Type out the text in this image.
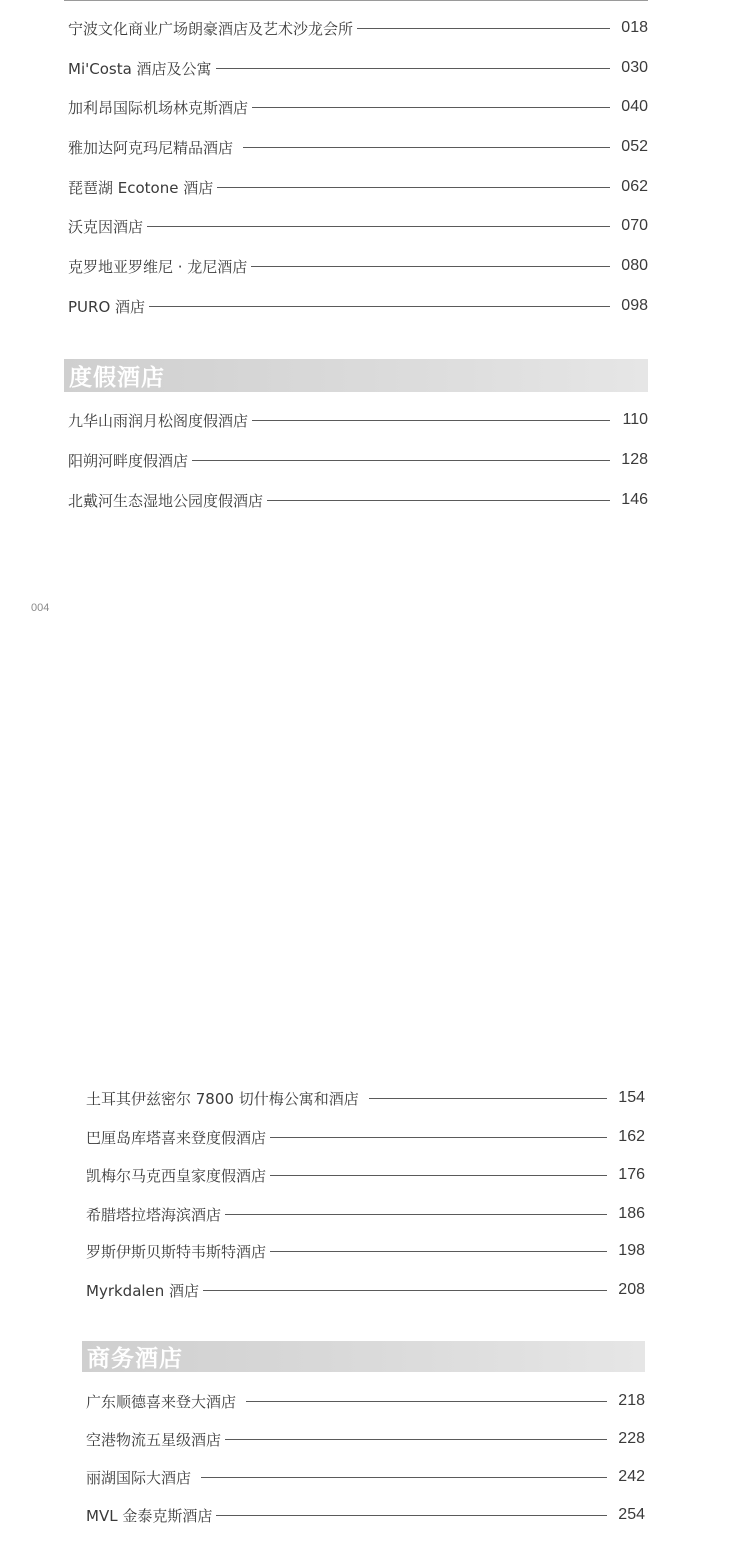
宁波文化商业广场朗豪酒店及艺术沙龙会所	018
Mi'Costa 酒店及公寓	030
加利昂国际机场林克斯酒店	040
雅加达阿克玛尼精品酒店	052
琵琶湖 Ecotone 酒店	062
沃克因酒店	070
克罗地亚罗维尼 · 龙尼酒店	080
PURO 酒店	098
度假酒店
九华山雨润月松阁度假酒店	110
阳朔河畔度假酒店	128
北戴河生态湿地公园度假酒店	146
004
土耳其伊兹密尔 7800 切什梅公寓和酒店	154
巴厘岛库塔喜来登度假酒店	162
凯梅尔马克西皇家度假酒店	176
希腊塔拉塔海滨酒店	186
罗斯伊斯贝斯特韦斯特酒店	198
Myrkdalen 酒店	208
商务酒店
广东顺德喜来登大酒店	218
空港物流五星级酒店	228
丽湖国际大酒店	242
MVL 金泰克斯酒店	254
